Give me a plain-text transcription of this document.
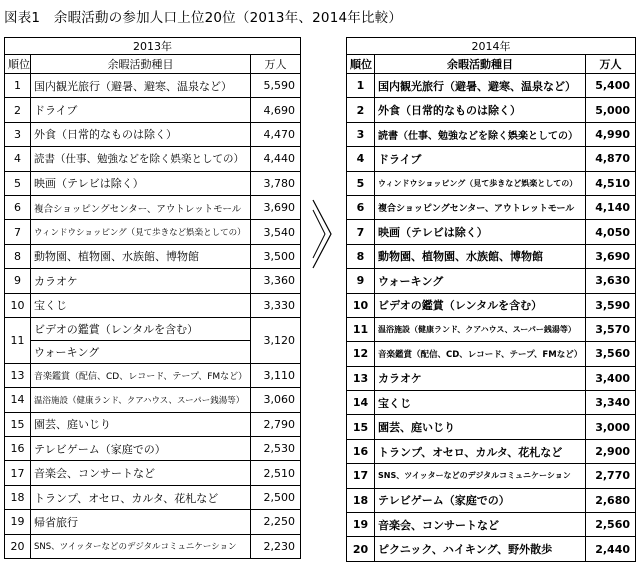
図表1　余暇活動の参加人口上位20位（2013年、2014年比較）
2013年		
順位	余暇活動種目	万人
1	国内観光旅行（避暑、避寒、温泉など）	5,590
2	ドライブ	4,690
3	外食（日常的なものは除く）	4,470
4	読書（仕事、勉強などを除く娯楽としての）	4,440
5	映画（テレビは除く）	3,780
6	複合ショッピングセンター、アウトレットモール	3,690
7	ウィンドウショッピング（見て歩きなど娯楽としての）	3,540
8	動物園、植物園、水族館、博物館	3,500
9	カラオケ	3,360
10	宝くじ	3,330
11	ビデオの鑑賞（レンタルを含む）	3,120
	ウォーキング	
13	音楽鑑賞（配信、CD、レコード、テープ、FMなど）	3,110
14	温浴施設（健康ランド、クアハウス、スーパー銭湯等）	3,060
15	園芸、庭いじり	2,790
16	テレビゲーム（家庭での）	2,530
17	音楽会、コンサートなど	2,510
18	トランプ、オセロ、カルタ、花札など	2,500
19	帰省旅行	2,250
20	SNS、ツイッターなどのデジタルコミュニケーション	2,230
2014年		
順位	余暇活動種目	万人
1	国内観光旅行（避暑、避寒、温泉など）	5,400
2	外食（日常的なものは除く）	5,000
3	読書（仕事、勉強などを除く娯楽としての）	4,990
4	ドライブ	4,870
5	ウィンドウショッピング（見て歩きなど娯楽としての）	4,510
6	複合ショッピングセンター、アウトレットモール	4,140
7	映画（テレビは除く）	4,050
8	動物園、植物園、水族館、博物館	3,690
9	ウォーキング	3,630
10	ビデオの鑑賞（レンタルを含む）	3,590
11	温浴施設（健康ランド、クアハウス、スーパー銭湯等）	3,570
12	音楽鑑賞（配信、CD、レコード、テープ、FMなど）	3,560
13	カラオケ	3,400
14	宝くじ	3,340
15	園芸、庭いじり	3,000
16	トランプ、オセロ、カルタ、花札など	2,900
17	SNS、ツイッターなどのデジタルコミュニケーション	2,770
18	テレビゲーム（家庭での）	2,680
19	音楽会、コンサートなど	2,560
20	ピクニック、ハイキング、野外散歩	2,440
